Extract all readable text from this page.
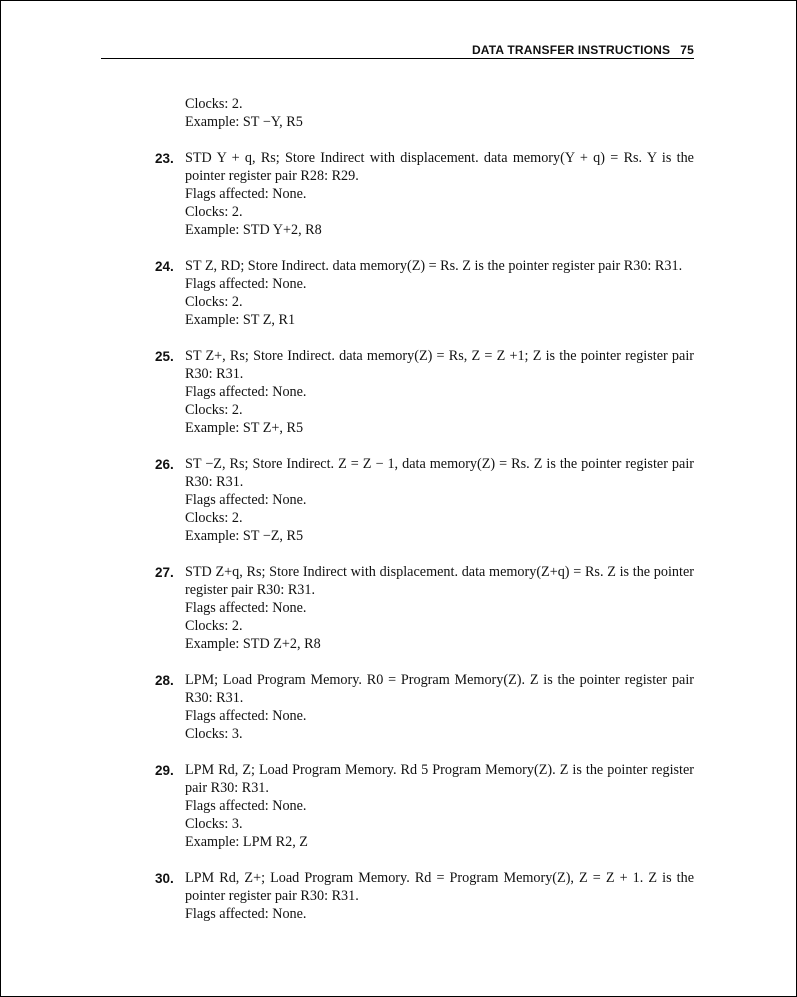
DATA TRANSFER INSTRUCTIONS 75
Clocks: 2.
Example: ST −Y, R5
23. STD Y + q, Rs; Store Indirect with displacement. data memory(Y + q) = Rs. Y is the pointer register pair R28: R29.
Flags affected: None.
Clocks: 2.
Example: STD Y+2, R8
24. ST Z, RD; Store Indirect. data memory(Z) = Rs. Z is the pointer register pair R30: R31.
Flags affected: None.
Clocks: 2.
Example: ST Z, R1
25. ST Z+, Rs; Store Indirect. data memory(Z) = Rs, Z = Z +1; Z is the pointer register pair R30: R31.
Flags affected: None.
Clocks: 2.
Example: ST Z+, R5
26. ST −Z, Rs; Store Indirect. Z = Z − 1, data memory(Z) = Rs. Z is the pointer register pair R30: R31.
Flags affected: None.
Clocks: 2.
Example: ST −Z, R5
27. STD Z+q, Rs; Store Indirect with displacement. data memory(Z+q) = Rs. Z is the pointer register pair R30: R31.
Flags affected: None.
Clocks: 2.
Example: STD Z+2, R8
28. LPM; Load Program Memory. R0 = Program Memory(Z). Z is the pointer register pair R30: R31.
Flags affected: None.
Clocks: 3.
29. LPM Rd, Z; Load Program Memory. Rd 5 Program Memory(Z). Z is the pointer register pair R30: R31.
Flags affected: None.
Clocks: 3.
Example: LPM R2, Z
30. LPM Rd, Z+; Load Program Memory. Rd = Program Memory(Z), Z = Z + 1. Z is the pointer register pair R30: R31.
Flags affected: None.
